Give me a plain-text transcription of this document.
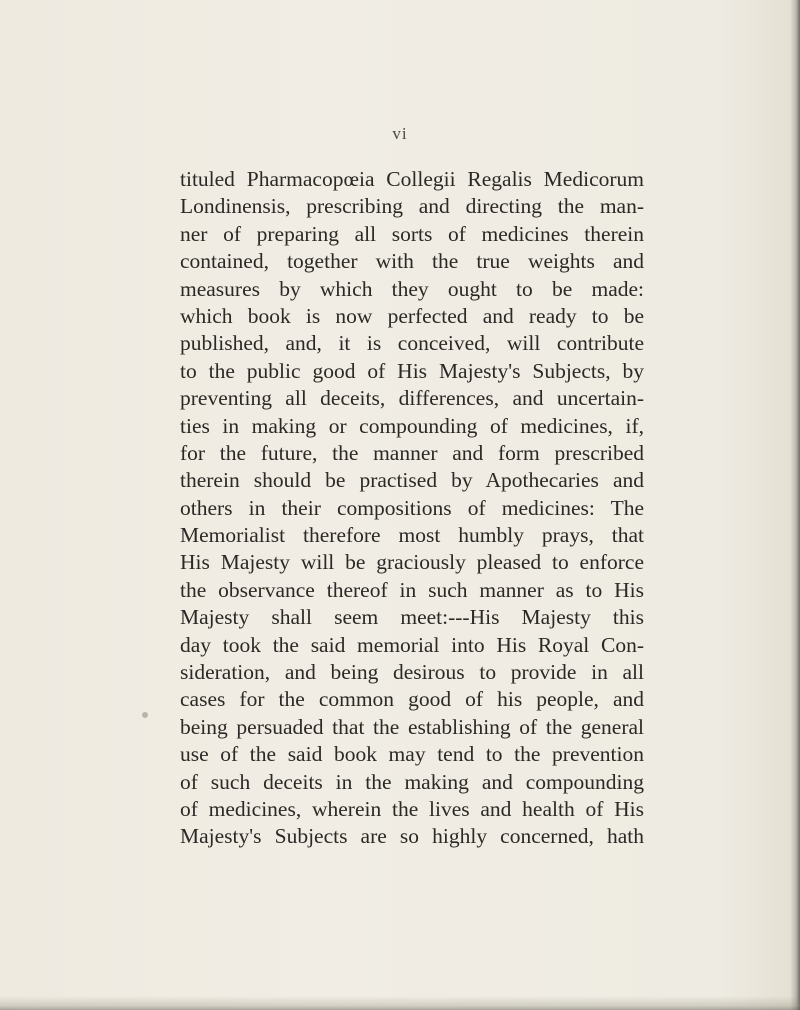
vi
tituled Pharmacopœia Collegii Regalis Medicorum
Londinensis, prescribing and directing the man-
ner of preparing all sorts of medicines therein
contained, together with the true weights and
measures by which they ought to be made:
which book is now perfected and ready to be
published, and, it is conceived, will contribute
to the public good of His Majesty's Subjects, by
preventing all deceits, differences, and uncertain-
ties in making or compounding of medicines, if,
for the future, the manner and form prescribed
therein should be practised by Apothecaries and
others in their compositions of medicines: The
Memorialist therefore most humbly prays, that
His Majesty will be graciously pleased to enforce
the observance thereof in such manner as to His
Majesty shall seem meet:---His Majesty this
day took the said memorial into His Royal Con-
sideration, and being desirous to provide in all
cases for the common good of his people, and
being persuaded that the establishing of the general
use of the said book may tend to the prevention
of such deceits in the making and compounding
of medicines, wherein the lives and health of His
Majesty's Subjects are so highly concerned, hath
